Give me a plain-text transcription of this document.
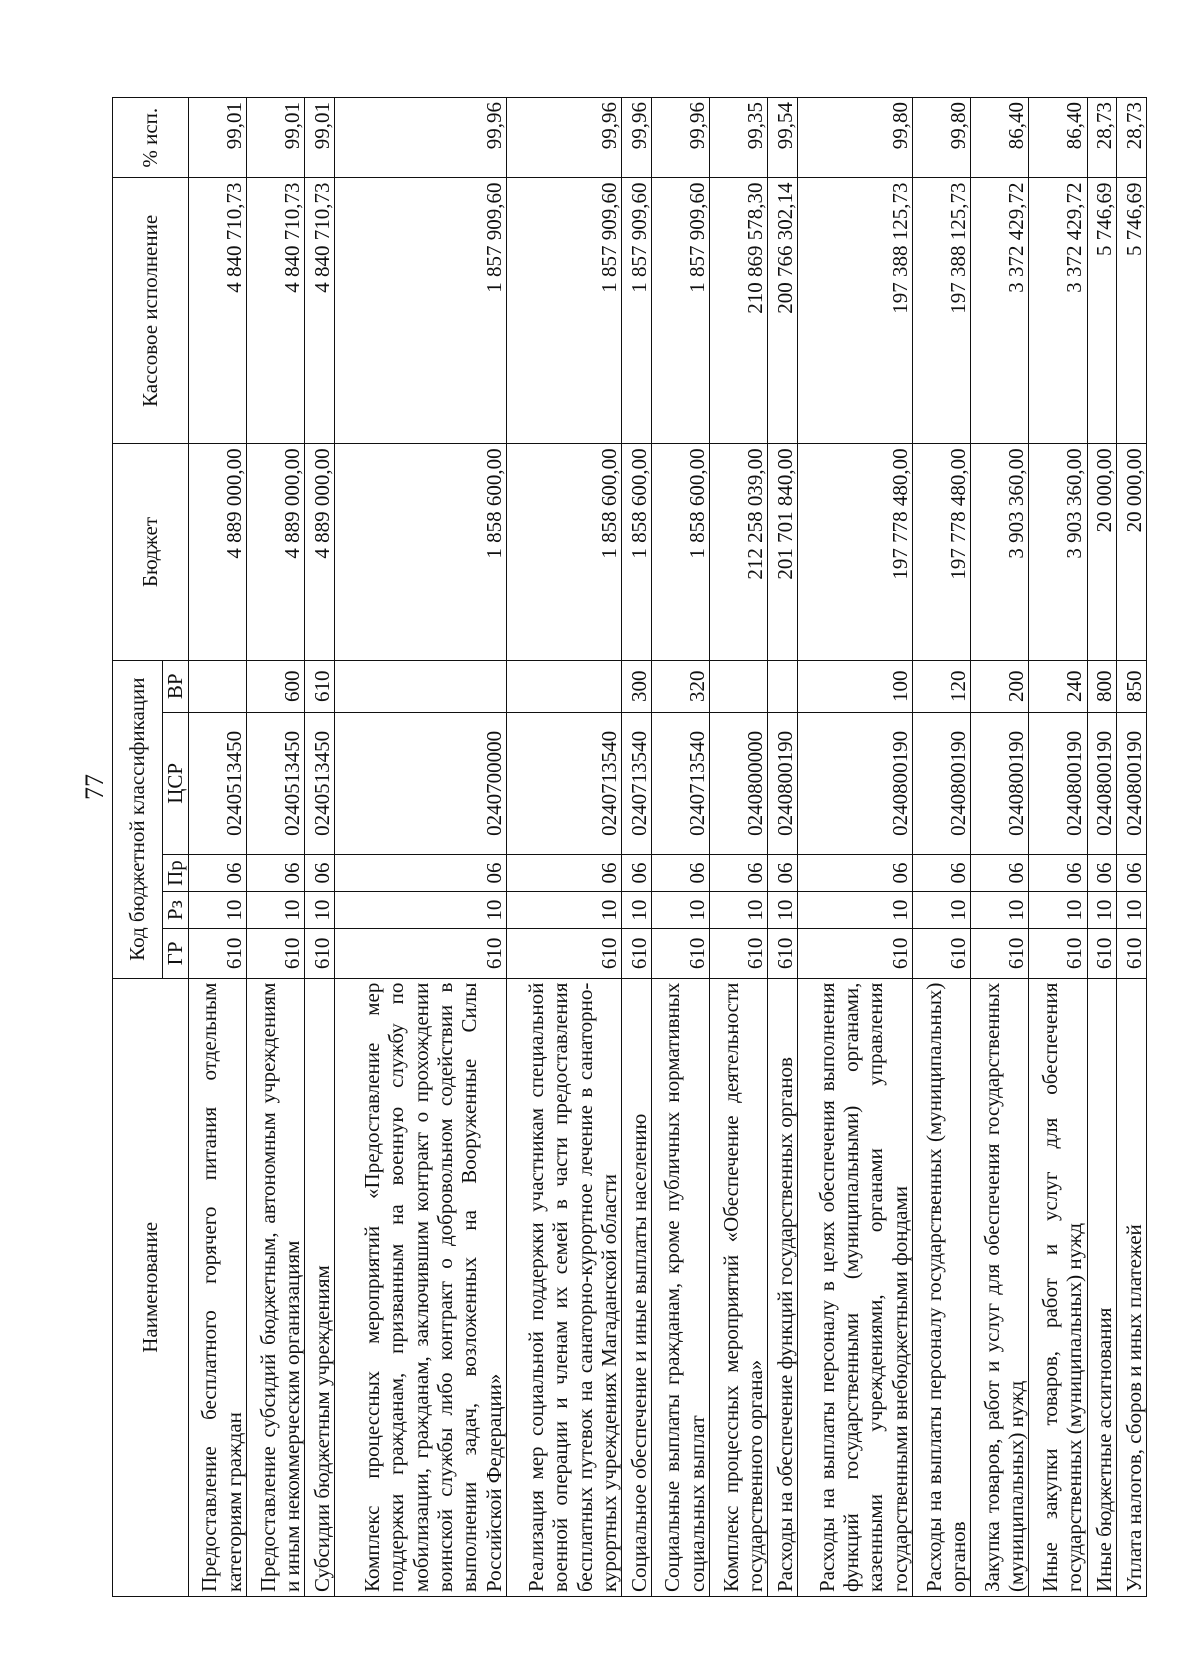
77
Наименование	Код бюджетной классификации					Бюджет	Кассовое исполнение	% исп.
	ГР	Рз	Пр	ЦСР	ВР			
Предоставление бесплатного горячего питания отдельным категориям граждан	610	10	06	0240513450		4 889 000,00	4 840 710,73	99,01
Предоставление субсидий бюджетным, автономным учреждениям и иным некоммерческим организациям	610	10	06	0240513450	600	4 889 000,00	4 840 710,73	99,01
Субсидии бюджетным учреждениям	610	10	06	0240513450	610	4 889 000,00	4 840 710,73	99,01
Комплекс процессных мероприятий «Предоставление мер поддержки гражданам, призванным на военную службу по мобилизации, гражданам, заключившим контракт о прохождении воинской службы либо контракт о добровольном содействии в выполнении задач, возложенных на Вооруженные Силы Российской Федерации»	610	10	06	0240700000		1 858 600,00	1 857 909,60	99,96
Реализация мер социальной поддержки участникам специальной военной операции и членам их семей в части предоставления бесплатных путевок на санаторно-курортное лечение в санаторно-курортных учреждениях Магаданской области	610	10	06	0240713540		1 858 600,00	1 857 909,60	99,96
Социальное обеспечение и иные выплаты населению	610	10	06	0240713540	300	1 858 600,00	1 857 909,60	99,96
Социальные выплаты гражданам, кроме публичных нормативных социальных выплат	610	10	06	0240713540	320	1 858 600,00	1 857 909,60	99,96
Комплекс процессных мероприятий «Обеспечение деятельности государственного органа»	610	10	06	0240800000		212 258 039,00	210 869 578,30	99,35
Расходы на обеспечение функций государственных органов	610	10	06	0240800190		201 701 840,00	200 766 302,14	99,54
Расходы на выплаты персоналу в целях обеспечения выполнения функций государственными (муниципальными) органами, казенными учреждениями, органами управления государственными внебюджетными фондами	610	10	06	0240800190	100	197 778 480,00	197 388 125,73	99,80
Расходы на выплаты персоналу государственных (муниципальных) органов	610	10	06	0240800190	120	197 778 480,00	197 388 125,73	99,80
Закупка товаров, работ и услуг для обеспечения государственных (муниципальных) нужд	610	10	06	0240800190	200	3 903 360,00	3 372 429,72	86,40
Иные закупки товаров, работ и услуг для обеспечения государственных (муниципальных) нужд	610	10	06	0240800190	240	3 903 360,00	3 372 429,72	86,40
Иные бюджетные ассигнования	610	10	06	0240800190	800	20 000,00	5 746,69	28,73
Уплата налогов, сборов и иных платежей	610	10	06	0240800190	850	20 000,00	5 746,69	28,73
